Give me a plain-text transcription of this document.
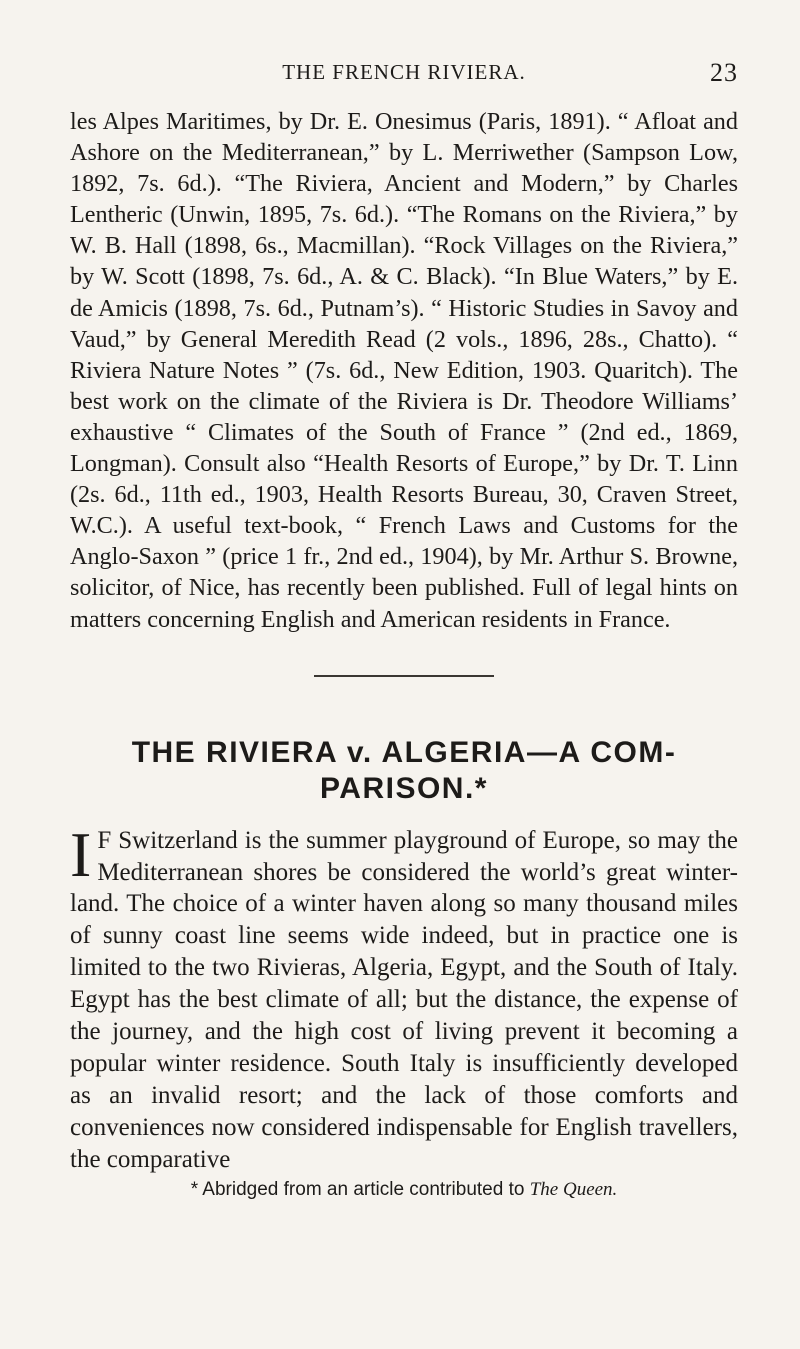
THE FRENCH RIVIERA.	23

les Alpes Maritimes, by Dr. E. Onesimus (Paris, 1891). “ Afloat and Ashore on the Mediterranean,” by L. Merriwether (Sampson Low, 1892, 7s. 6d.). “The Riviera, Ancient and Modern,” by Charles Lentheric (Unwin, 1895, 7s. 6d.). “The Romans on the Riviera,” by W. B. Hall (1898, 6s., Macmillan). “Rock Villages on the Riviera,” by W. Scott (1898, 7s. 6d., A. & C. Black). “In Blue Waters,” by E. de Amicis (1898, 7s. 6d., Putnam’s). “ Historic Studies in Savoy and Vaud,” by General Meredith Read (2 vols., 1896, 28s., Chatto). “ Riviera Nature Notes ” (7s. 6d., New Edition, 1903. Quaritch). The best work on the climate of the Riviera is Dr. Theodore Williams’ exhaustive “ Climates of the South of France ” (2nd ed., 1869, Longman). Consult also “Health Resorts of Europe,” by Dr. T. Linn (2s. 6d., 11th ed., 1903, Health Resorts Bureau, 30, Craven Street, W.C.). A useful text-book, “ French Laws and Customs for the Anglo-Saxon ” (price 1 fr., 2nd ed., 1904), by Mr. Arthur S. Browne, solicitor, of Nice, has recently been published. Full of legal hints on matters concerning English and American residents in France.

THE RIVIERA v. ALGERIA—A COM-
PARISON.*

I F Switzerland is the summer playground of Europe, so may the Mediterranean shores be considered the world’s great winter-land. The choice of a winter haven along so many thousand miles of sunny coast line seems wide indeed, but in practice one is limited to the two Rivieras, Algeria, Egypt, and the South of Italy. Egypt has the best climate of all; but the distance, the expense of the journey, and the high cost of living prevent it becoming a popular winter residence. South Italy is insufficiently developed as an invalid resort; and the lack of those comforts and conveniences now considered indispensable for English travellers, the comparative

* Abridged from an article contributed to The Queen.
